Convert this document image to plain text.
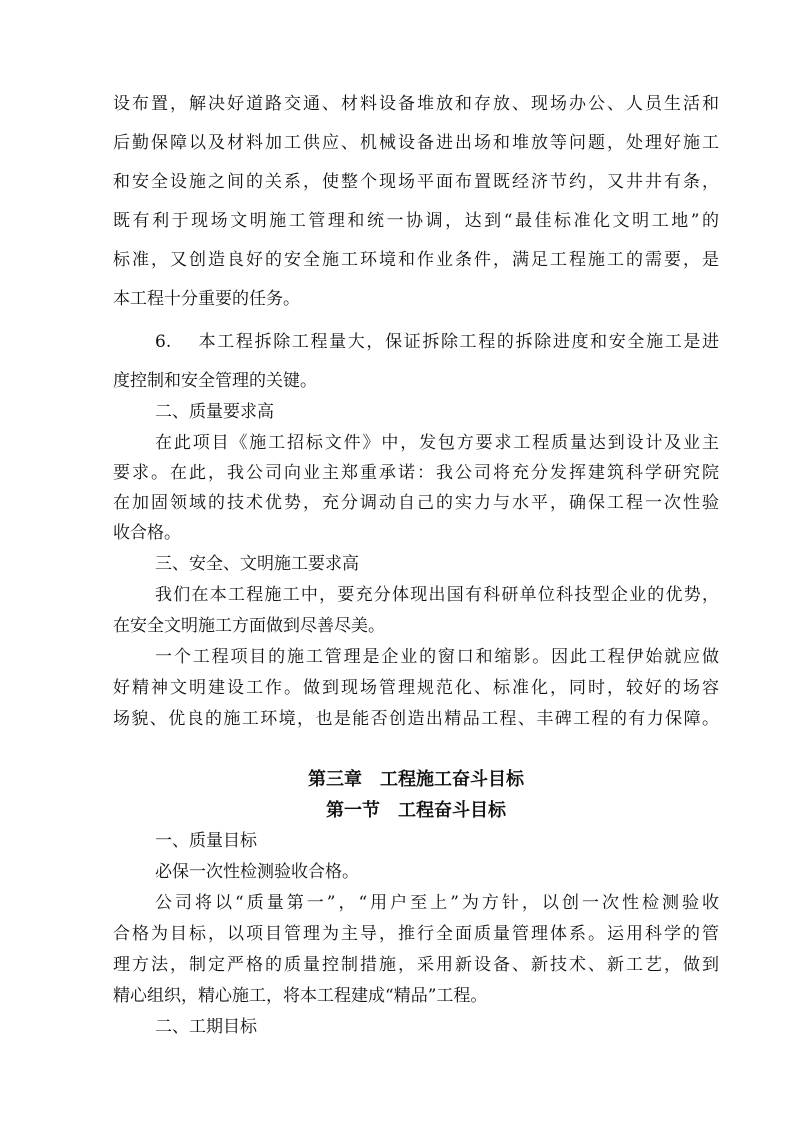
设布置，解决好道路交通、材料设备堆放和存放、现场办公、人员生活和
后勤保障以及材料加工供应、机械设备进出场和堆放等问题，处理好施工
和安全设施之间的关系，使整个现场平面布置既经济节约，又井井有条，
既有利于现场文明施工管理和统一协调，达到“最佳标准化文明工地”的
标准，又创造良好的安全施工环境和作业条件，满足工程施工的需要，是
本工程十分重要的任务。
6. 本工程拆除工程量大，保证拆除工程的拆除进度和安全施工是进
度控制和安全管理的关键。
二、质量要求高
在此项目《施工招标文件》中，发包方要求工程质量达到设计及业主
要求。在此，我公司向业主郑重承诺：我公司将充分发挥建筑科学研究院
在加固领域的技术优势，充分调动自己的实力与水平，确保工程一次性验
收合格。
三、安全、文明施工要求高
我们在本工程施工中，要充分体现出国有科研单位科技型企业的优势，
在安全文明施工方面做到尽善尽美。
一个工程项目的施工管理是企业的窗口和缩影。因此工程伊始就应做
好精神文明建设工作。做到现场管理规范化、标准化，同时，较好的场容
场貌、优良的施工环境，也是能否创造出精品工程、丰碑工程的有力保障。
第三章　工程施工奋斗目标
第一节　工程奋斗目标
一、质量目标
必保一次性检测验收合格。
公司将以“质量第一”，“用户至上”为方针，以创一次性检测验收
合格为目标，以项目管理为主导，推行全面质量管理体系。运用科学的管
理方法，制定严格的质量控制措施，采用新设备、新技术、新工艺，做到
精心组织，精心施工，将本工程建成“精品”工程。
二、工期目标
